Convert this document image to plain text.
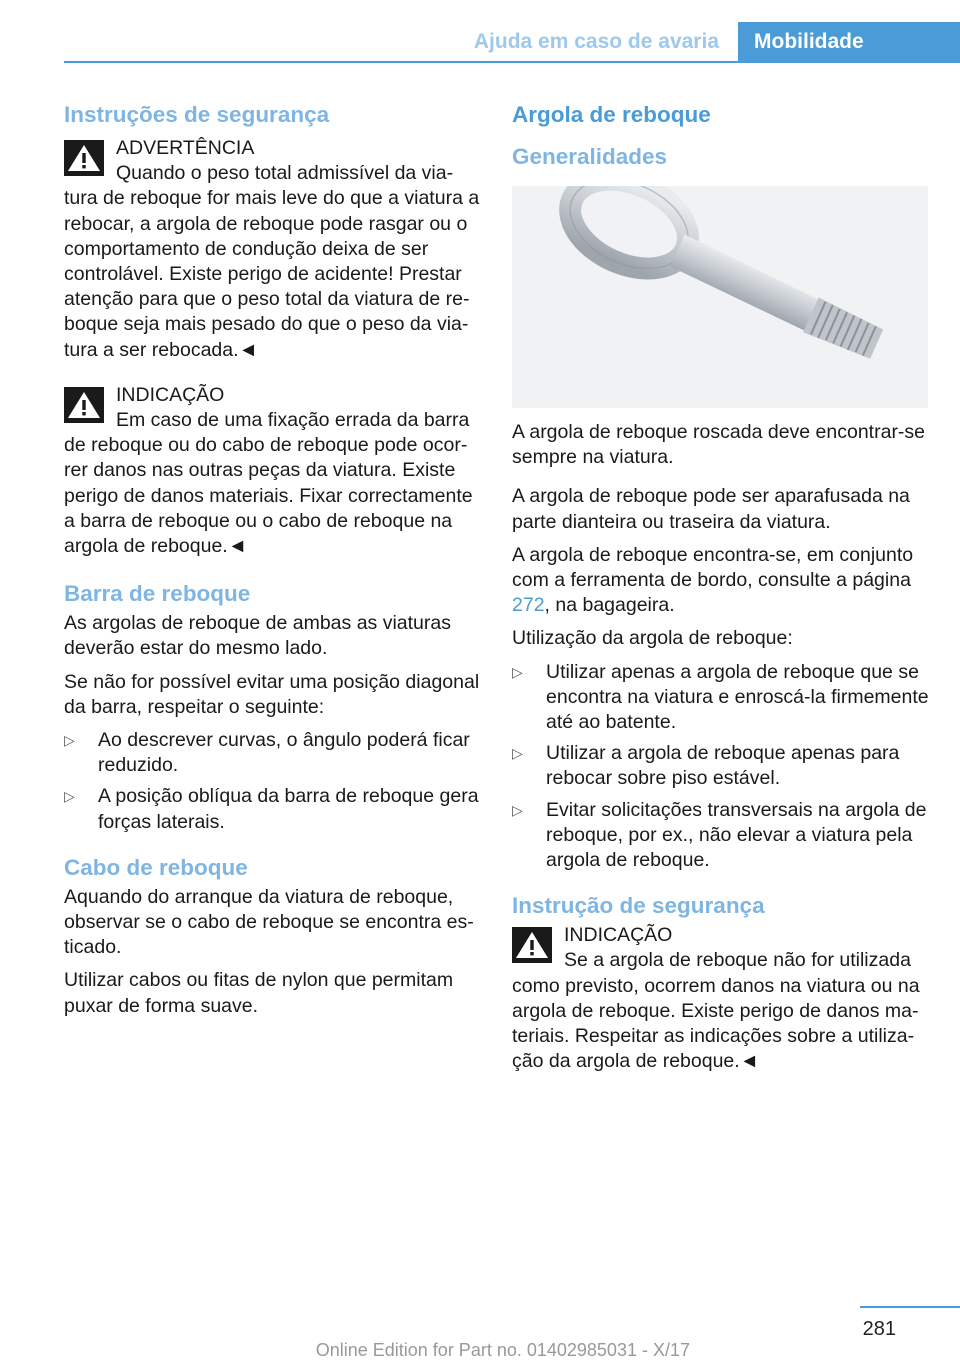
Ajuda em caso de avaria	Mobilidade
Instruções de segurança
ADVERTÊNCIA
Quando o peso total admissível da viatura de reboque for mais leve do que a viatura a rebocar, a argola de reboque pode rasgar ou o comportamento de condução deixa de ser controlável. Existe perigo de acidente! Prestar atenção para que o peso total da viatura de reboque seja mais pesado do que o peso da viatura a ser rebocada.◄
INDICAÇÃO
Em caso de uma fixação errada da barra de reboque ou do cabo de reboque pode ocorrer danos nas outras peças da viatura. Existe perigo de danos materiais. Fixar correctamente a barra de reboque ou o cabo de reboque na argola de reboque.◄
Barra de reboque

As argolas de reboque de ambas as viaturas deverão estar do mesmo lado.

Se não for possível evitar uma posição diagonal da barra, respeitar o seguinte:

▷ Ao descrever curvas, o ângulo poderá ficar reduzido.
▷ A posição oblíqua da barra de reboque gera forças laterais.
Cabo de reboque

Aquando do arranque da viatura de reboque, observar se o cabo de reboque se encontra esticado.

Utilizar cabos ou fitas de nylon que permitam puxar de forma suave.

Argola de reboque
Generalidades

A argola de reboque roscada deve encontrar-se sempre na viatura.

A argola de reboque pode ser aparafusada na parte dianteira ou traseira da viatura.

A argola de reboque encontra-se, em conjunto com a ferramenta de bordo, consulte a página 272, na bagageira.

Utilização da argola de reboque:

▷ Utilizar apenas a argola de reboque que se encontra na viatura e enroscá-la firmemente até ao batente.
▷ Utilizar a argola de reboque apenas para rebocar sobre piso estável.
▷ Evitar solicitações transversais na argola de reboque, por ex., não elevar a viatura pela argola de reboque.
Instrução de segurança
INDICAÇÃO
Se a argola de reboque não for utilizada como previsto, ocorrem danos na viatura ou na argola de reboque. Existe perigo de danos materiais. Respeitar as indicações sobre a utilização da argola de reboque.◄
281
Online Edition for Part no. 01402985031 - X/17
